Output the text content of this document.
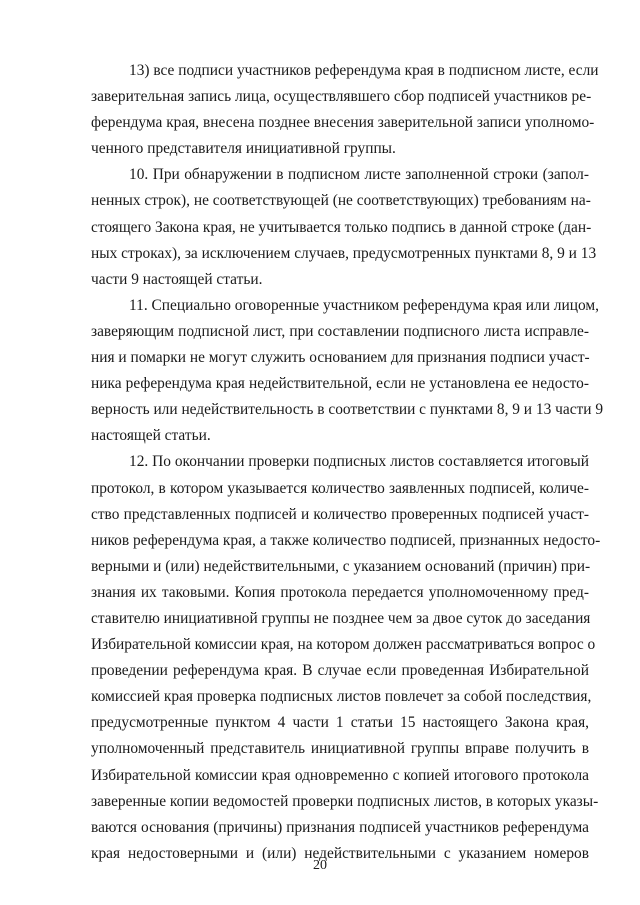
13) все подписи участников референдума края в подписном листе, если
заверительная запись лица, осуществлявшего сбор подписей участников ре-
ферендума края, внесена позднее внесения заверительной записи уполномо-
ченного представителя инициативной группы.
10. При обнаружении в подписном листе заполненной строки (запол-
ненных строк), не соответствующей (не соответствующих) требованиям на-
стоящего Закона края, не учитывается только подпись в данной строке (дан-
ных строках), за исключением случаев, предусмотренных пунктами 8, 9 и 13
части 9 настоящей статьи.
11. Специально оговоренные участником референдума края или лицом,
заверяющим подписной лист, при составлении подписного листа исправле-
ния и помарки не могут служить основанием для признания подписи участ-
ника референдума края недействительной, если не установлена ее недосто-
верность или недействительность в соответствии с пунктами 8, 9 и 13 части 9
настоящей статьи.
12. По окончании проверки подписных листов составляется итоговый
протокол, в котором указывается количество заявленных подписей, количе-
ство представленных подписей и количество проверенных подписей участ-
ников референдума края, а также количество подписей, признанных недосто-
верными и (или) недействительными, с указанием оснований (причин) при-
знания их таковыми. Копия протокола передается уполномоченному пред-
ставителю инициативной группы не позднее чем за двое суток до заседания
Избирательной комиссии края, на котором должен рассматриваться вопрос о
проведении референдума края. В случае если проведенная Избирательной
комиссией края проверка подписных листов повлечет за собой последствия,
предусмотренные пунктом 4 части 1 статьи 15 настоящего Закона края,
уполномоченный представитель инициативной группы вправе получить в
Избирательной комиссии края одновременно с копией итогового протокола
заверенные копии ведомостей проверки подписных листов, в которых указы-
ваются основания (причины) признания подписей участников референдума
края недостоверными и (или) недействительными с указанием номеров
20
